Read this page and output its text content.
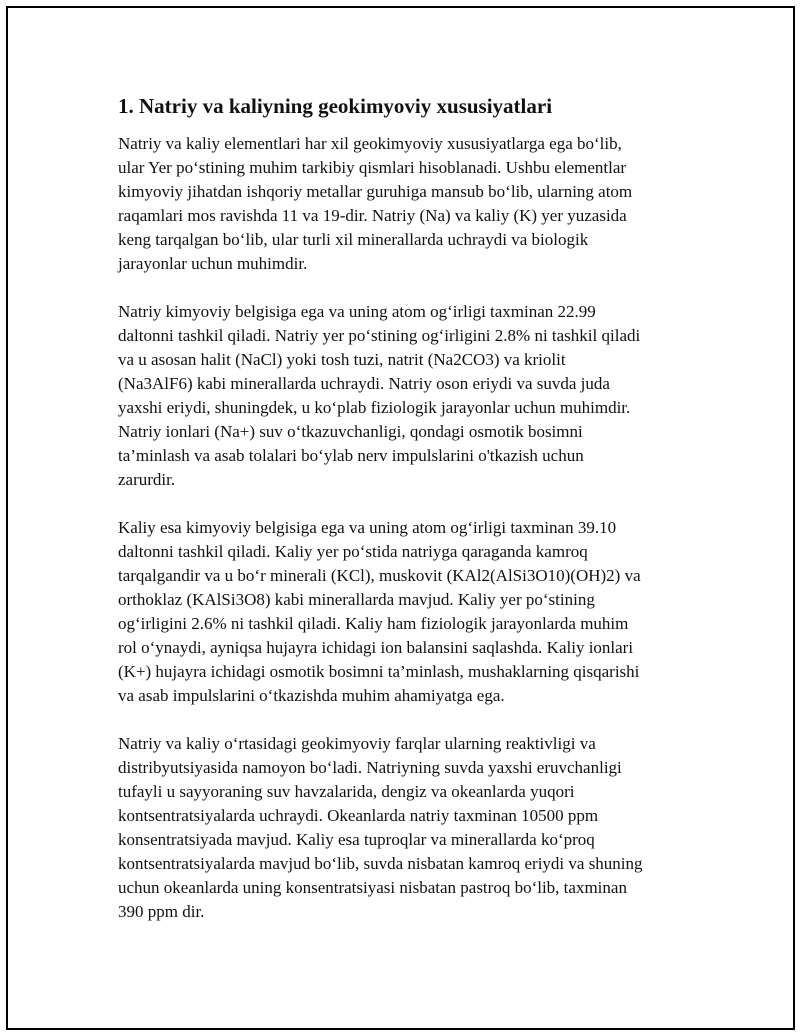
1. Natriy va kaliyning geokimyoviy xususiyatlari

Natriy va kaliy elementlari har xil geokimyoviy xususiyatlarga ega bo‘lib,
ular Yer po‘stining muhim tarkibiy qismlari hisoblanadi. Ushbu elementlar
kimyoviy jihatdan ishqoriy metallar guruhiga mansub bo‘lib, ularning atom
raqamlari mos ravishda 11 va 19-dir. Natriy (Na) va kaliy (K) yer yuzasida
keng tarqalgan bo‘lib, ular turli xil minerallarda uchraydi va biologik
jarayonlar uchun muhimdir.

Natriy kimyoviy belgisiga ega va uning atom og‘irligi taxminan 22.99
daltonni tashkil qiladi. Natriy yer po‘stining og‘irligini 2.8% ni tashkil qiladi
va u asosan halit (NaCl) yoki tosh tuzi, natrit (Na2CO3) va kriolit
(Na3AlF6) kabi minerallarda uchraydi. Natriy oson eriydi va suvda juda
yaxshi eriydi, shuningdek, u ko‘plab fiziologik jarayonlar uchun muhimdir.
Natriy ionlari (Na+) suv o‘tkazuvchanligi, qondagi osmotik bosimni
ta’minlash va asab tolalari bo‘ylab nerv impulslarini o'tkazish uchun
zarurdir.

Kaliy esa kimyoviy belgisiga ega va uning atom og‘irligi taxminan 39.10
daltonni tashkil qiladi. Kaliy yer po‘stida natriyga qaraganda kamroq
tarqalgandir va u bo‘r minerali (KCl), muskovit (KAl2(AlSi3O10)(OH)2) va
orthoklaz (KAlSi3O8) kabi minerallarda mavjud. Kaliy yer po‘stining
og‘irligini 2.6% ni tashkil qiladi. Kaliy ham fiziologik jarayonlarda muhim
rol o‘ynaydi, ayniqsa hujayra ichidagi ion balansini saqlashda. Kaliy ionlari
(K+) hujayra ichidagi osmotik bosimni ta’minlash, mushaklarning qisqarishi
va asab impulslarini o‘tkazishda muhim ahamiyatga ega.

Natriy va kaliy o‘rtasidagi geokimyoviy farqlar ularning reaktivligi va
distribyutsiyasida namoyon bo‘ladi. Natriyning suvda yaxshi eruvchanligi
tufayli u sayyoraning suv havzalarida, dengiz va okeanlarda yuqori
kontsentratsiyalarda uchraydi. Okeanlarda natriy taxminan 10500 ppm
konsentratsiyada mavjud. Kaliy esa tuproqlar va minerallarda ko‘proq
kontsentratsiyalarda mavjud bo‘lib, suvda nisbatan kamroq eriydi va shuning
uchun okeanlarda uning konsentratsiyasi nisbatan pastroq bo‘lib, taxminan
390 ppm dir.
